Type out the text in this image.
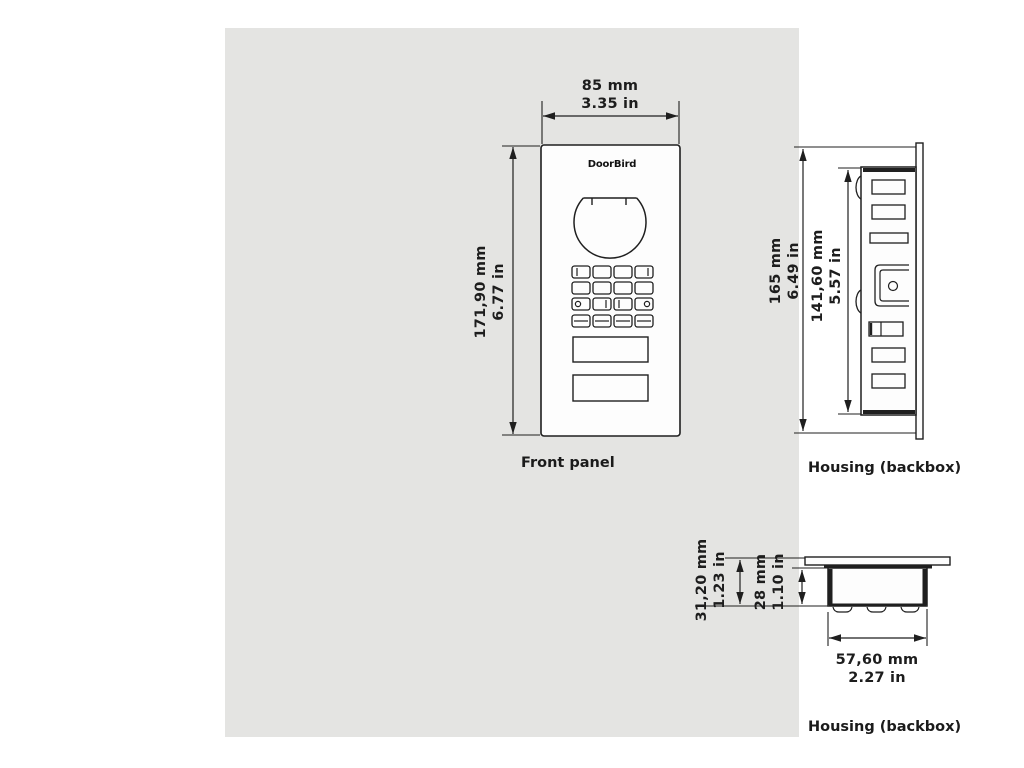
85 mm
3.35 in
171,90 mm 6.77 in
DoorBird
Front panel
165 mm 6.49 in 141,60 mm 5.57 in
Housing (backbox)
31,20 mm 1.23 in 28 mm 1.10 in
57,60 mm
2.27 in
Housing (backbox)
